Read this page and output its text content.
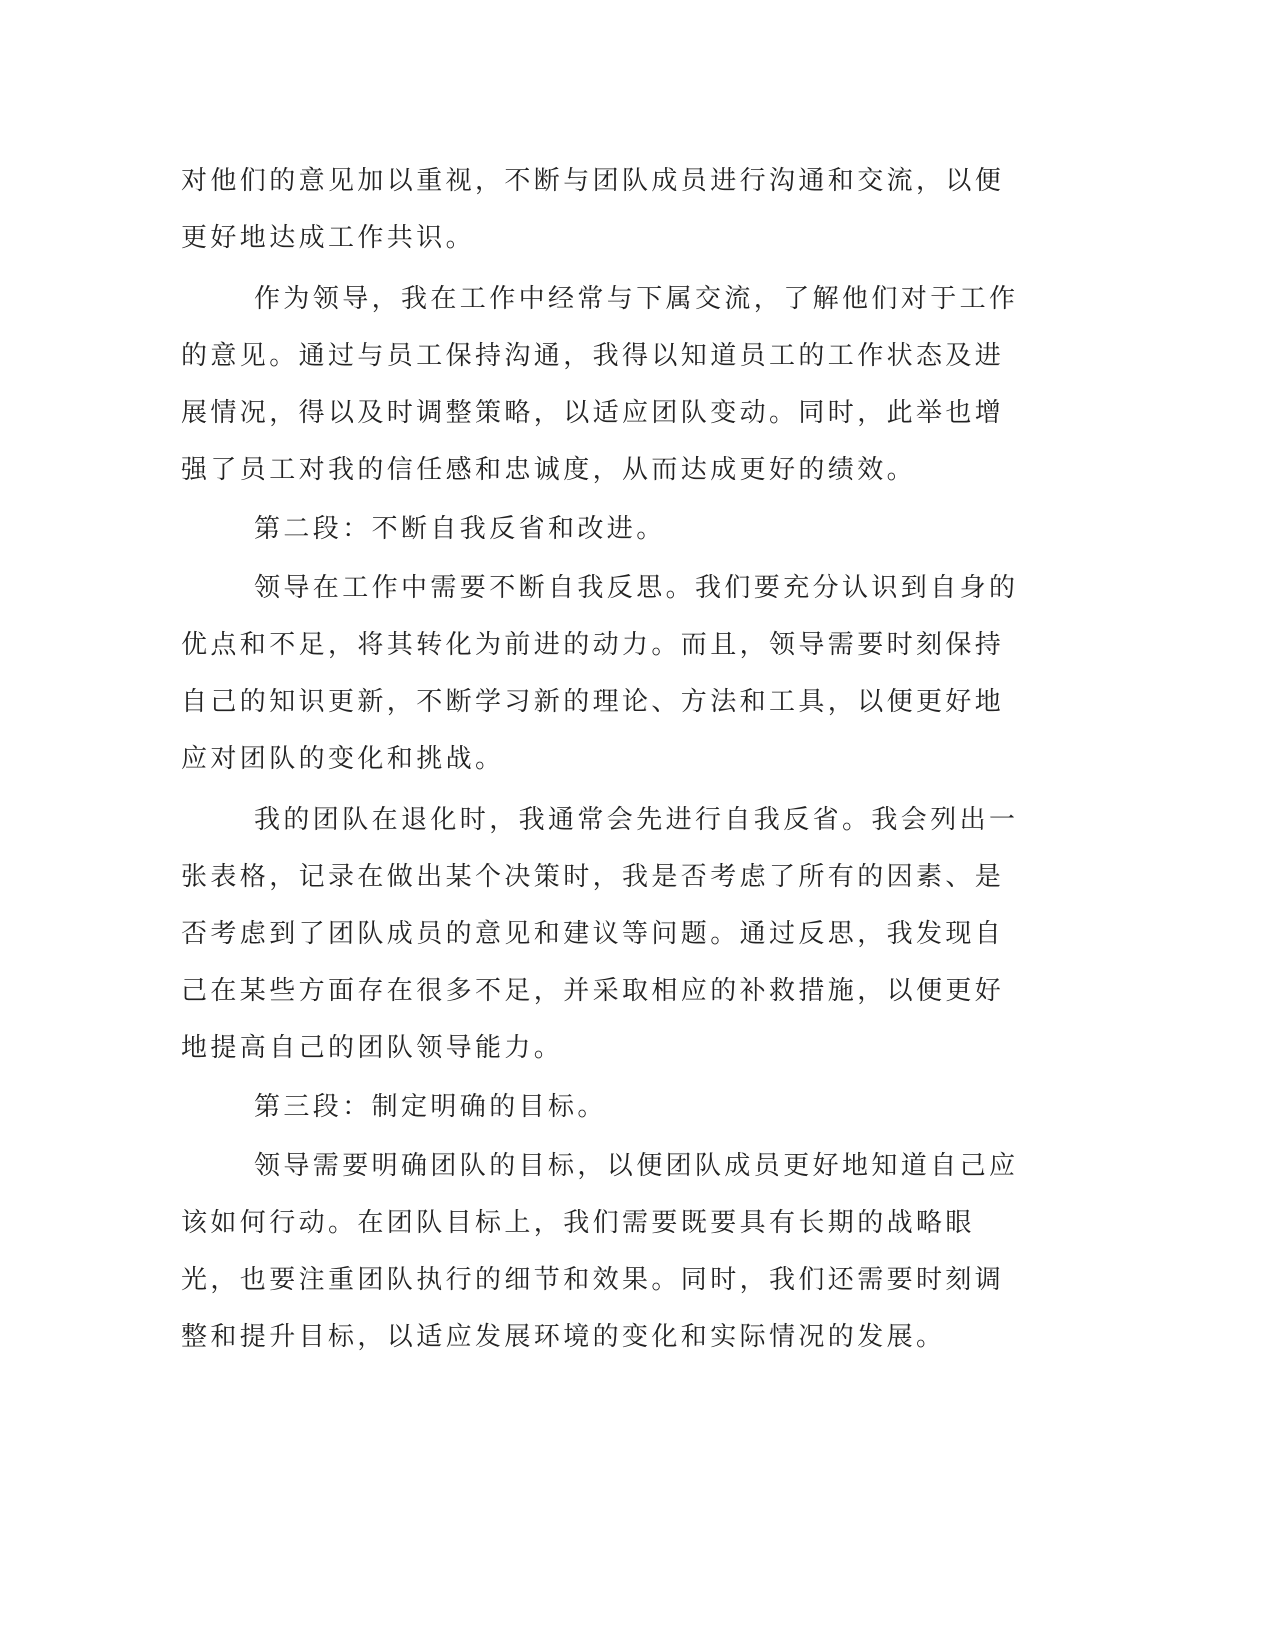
对他们的意见加以重视，不断与团队成员进行沟通和交流，以便更好地达成工作共识。

作为领导，我在工作中经常与下属交流，了解他们对于工作的意见。通过与员工保持沟通，我得以知道员工的工作状态及进展情况，得以及时调整策略，以适应团队变动。同时，此举也增强了员工对我的信任感和忠诚度，从而达成更好的绩效。

第二段：不断自我反省和改进。

领导在工作中需要不断自我反思。我们要充分认识到自身的优点和不足，将其转化为前进的动力。而且，领导需要时刻保持自己的知识更新，不断学习新的理论、方法和工具，以便更好地应对团队的变化和挑战。

我的团队在退化时，我通常会先进行自我反省。我会列出一张表格，记录在做出某个决策时，我是否考虑了所有的因素、是否考虑到了团队成员的意见和建议等问题。通过反思，我发现自己在某些方面存在很多不足，并采取相应的补救措施，以便更好地提高自己的团队领导能力。

第三段：制定明确的目标。

领导需要明确团队的目标，以便团队成员更好地知道自己应该如何行动。在团队目标上，我们需要既要具有长期的战略眼光，也要注重团队执行的细节和效果。同时，我们还需要时刻调整和提升目标，以适应发展环境的变化和实际情况的发展。
